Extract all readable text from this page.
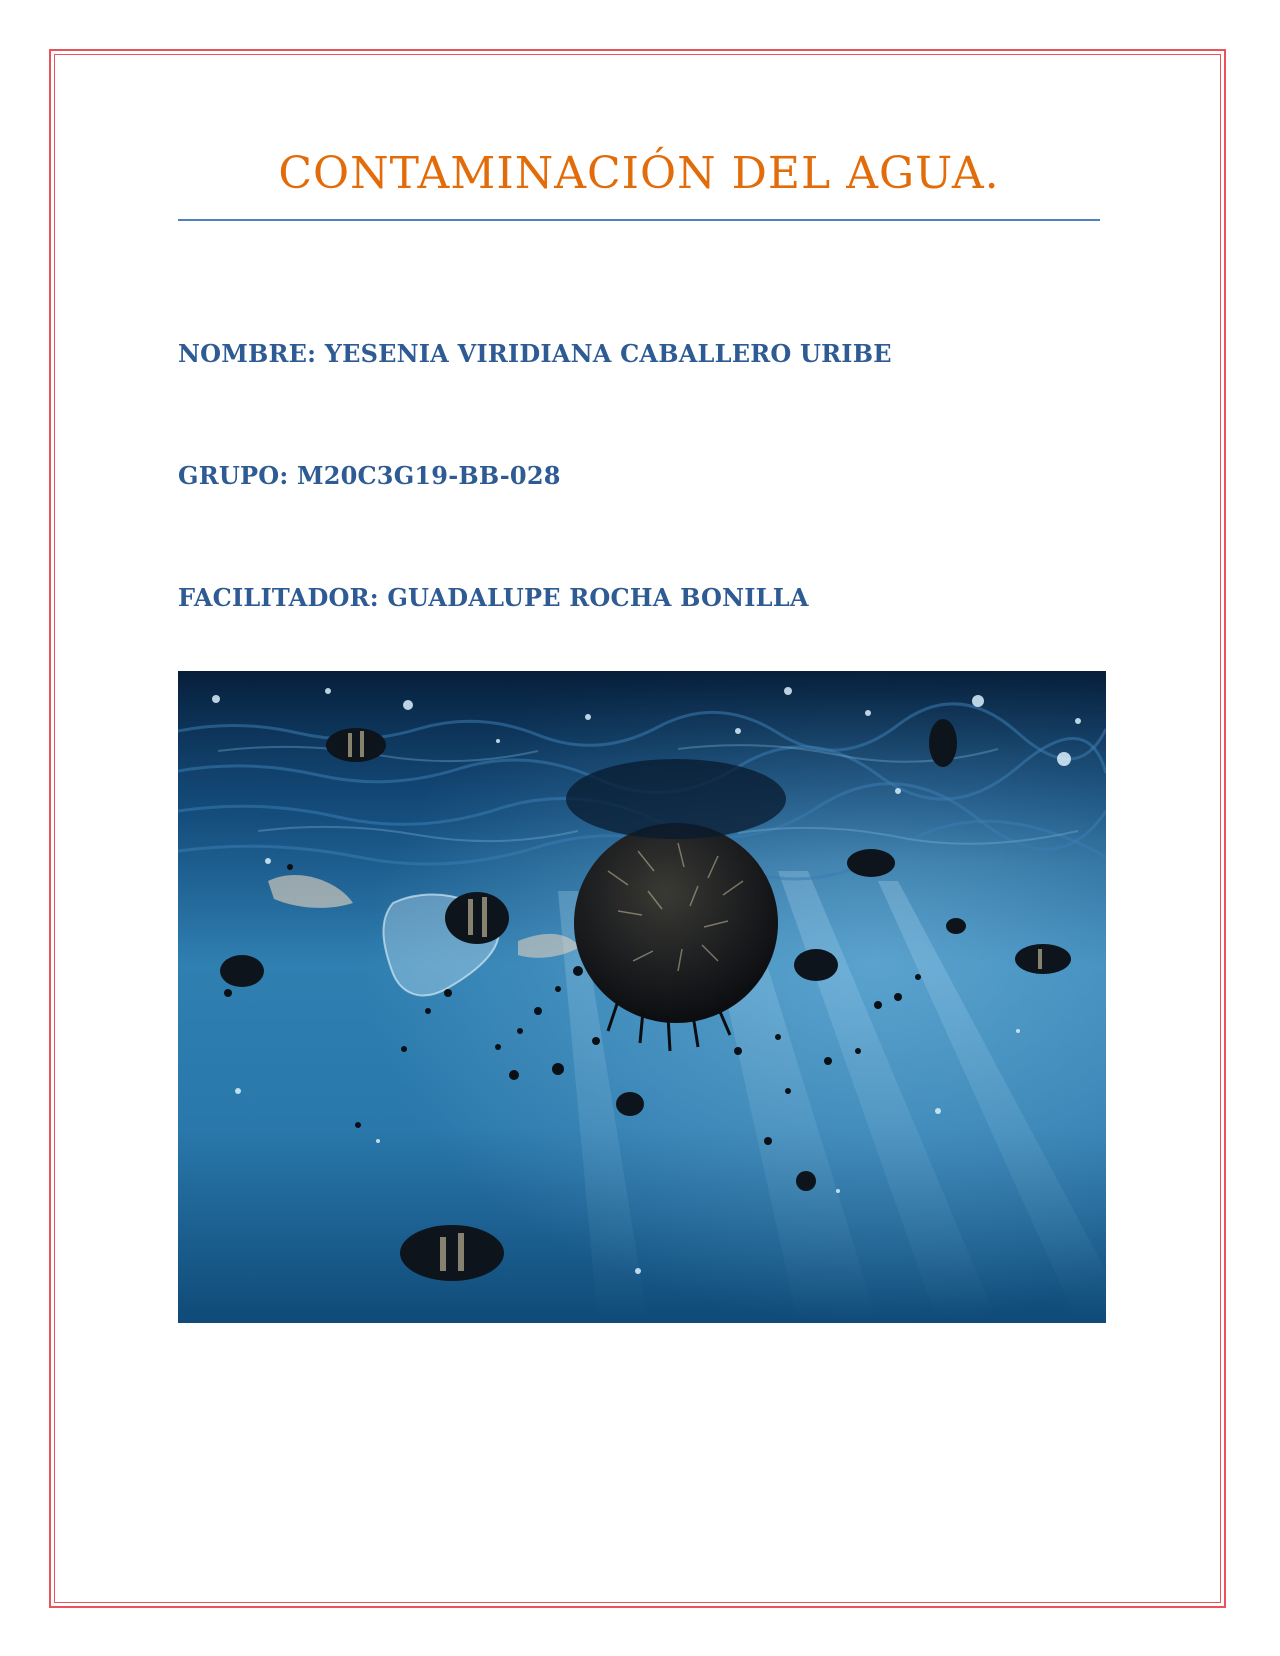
CONTAMINACIÓN DEL AGUA.
NOMBRE: YESENIA VIRIDIANA CABALLERO URIBE
GRUPO: M20C3G19-BB-028
FACILITADOR: GUADALUPE ROCHA BONILLA
